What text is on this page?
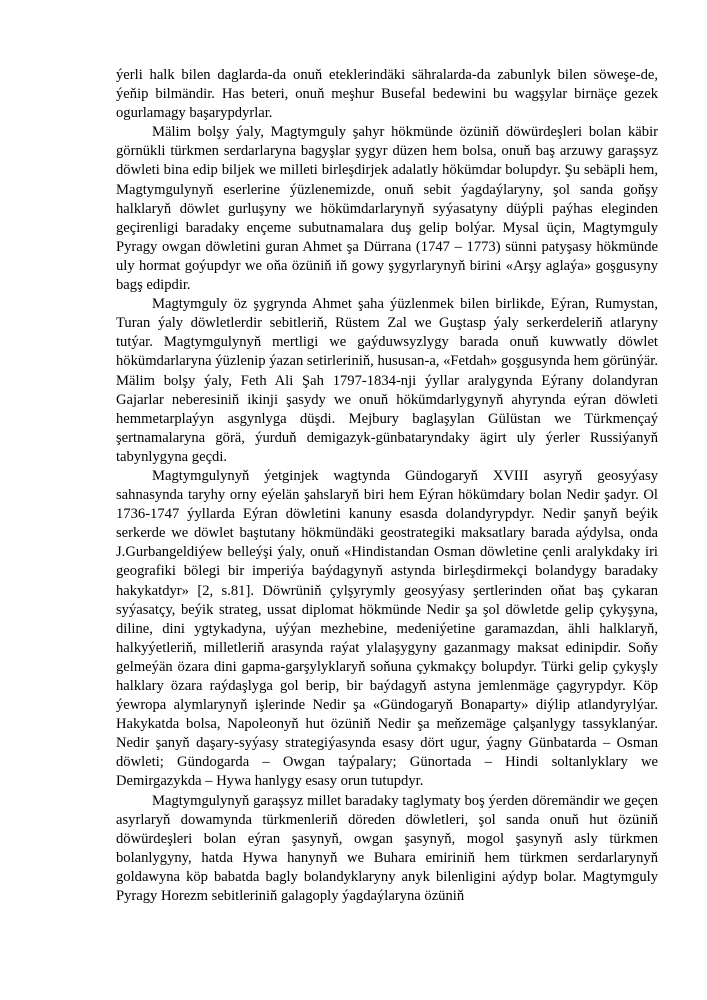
ýerli halk bilen daglarda-da onuň eteklerindäki sähralarda-da zabunlyk bilen söweşe-de, ýeňip bilmändir. Has beteri, onuň meşhur Busefal bedewini bu wagşylar birnäçe gezek ogurlamagy başarypdyrlar.

Mälim bolşy ýaly, Magtymguly şahyr hökmünde özüniň döwürdeşleri bolan käbir görnükli türkmen serdarlaryna bagyşlar şygyr düzen hem bolsa, onuň baş arzuwy garaşsyz döwleti bina edip biljek we milleti birleşdirjek adalatly hökümdar bolupdyr. Şu sebäpli hem, Magtymgulynyň eserlerine ýüzlenemizde, onuň sebit ýagdaýlaryny, şol sanda goňşy halklaryň döwlet gurluşyny we hökümdarlarynyň syýasatyny düýpli paýhas eleginden geçirenligi baradaky ençeme subutnamalara duş gelip bolýar. Mysal üçin, Magtymguly Pyragy owgan döwletini guran Ahmet şa Dürrana (1747 – 1773) sünni patyşasy hökmünde uly hormat goýupdyr we oňa özüniň iň gowy şygyrlarynyň birini «Arşy aglaýa» goşgusyny bagş edipdir.

Magtymguly öz şygrynda Ahmet şaha ýüzlenmek bilen birlikde, Eýran, Rumystan, Turan ýaly döwletlerdir sebitleriň, Rüstem Zal we Guştasp ýaly serkerdeleriň atlaryny tutýar. Magtymgulynyň mertligi we gaýduwsyzlygy barada onuň kuwwatly döwlet hökümdarlaryna ýüzlenip ýazan setirleriniň, hususan-a, «Fetdah» goşgusynda hem görünýär. Mälim bolşy ýaly, Feth Ali Şah 1797-1834-nji ýyllar aralygynda Eýrany dolandyran Gajarlar neberesiniň ikinji şasydy we onuň hökümdarlygynyň ahyrynda eýran döwleti hemmetarplaýyn asgynlyga düşdi. Mejbury baglaşylan Gülüstan we Türkmençaý şertnamalaryna görä, ýurduň demigazyk-günbataryndaky ägirt uly ýerler Russiýanyň tabynlygyna geçdi.

Magtymgulynyň ýetginjek wagtynda Gündogaryň XVIII asyryň geosyýasy sahnasynda taryhy orny eýelän şahslaryň biri hem Eýran hökümdary bolan Nedir şadyr. Ol 1736-1747 ýyllarda Eýran döwletini kanuny esasda dolandyrypdyr. Nedir şanyň beýik serkerde we döwlet baştutany hökmündäki geostrategiki maksatlary barada aýdylsa, onda J.Gurbangeldiýew belleýşi ýaly, onuň «Hindistandan Osman döwletine çenli aralykdaky iri geografiki bölegi bir imperiýa baýdagynyň astynda birleşdirmekçi bolandygy baradaky hakykatdyr» [2, s.81]. Döwrüniň çylşyrymly geosyýasy şertlerinden oňat baş çykaran syýasatçy, beýik strateg, ussat diplomat hökmünde Nedir şa şol döwletde gelip çykyşyna, diline, dini ygtykadyna, uýýan mezhebine, medeniýetine garamazdan, ähli halklaryň, halkyýetleriň, milletleriň arasynda raýat ylalaşygyny gazanmagy maksat edinipdir. Soňy gelmeýän özara dini gapma-garşylyklaryň soňuna çykmakçy bolupdyr. Türki gelip çykyşly halklary özara raýdaşlyga gol berip, bir baýdagyň astyna jemlenmäge çagyrypdyr. Köp ýewropa alymlarynyň işlerinde Nedir şa «Gündogaryň Bonaparty» diýlip atlandyrylýar. Hakykatda bolsa, Napoleonyň hut özüniň Nedir şa meňzemäge çalşanlygy tassyklanýar. Nedir şanyň daşary-syýasy strategiýasynda esasy dört ugur, ýagny Günbatarda – Osman döwleti; Gündogarda – Owgan taýpalary; Günortada – Hindi soltanlyklary we Demirgazykda – Hywa hanlygy esasy orun tutupdyr.

Magtymgulynyň garaşsyz millet baradaky taglymaty boş ýerden döremändir we geçen asyrlaryň dowamynda türkmenleriň döreden döwletleri, şol sanda onuň hut özüniň döwürdeşleri bolan eýran şasynyň, owgan şasynyň, mogol şasynyň asly türkmen bolanlygyny, hatda Hywa hanynyň we Buhara emiriniň hem türkmen serdarlarynyň goldawyna köp babatda bagly bolandyklaryny anyk bilenligini aýdyp bolar. Magtymguly Pyragy Horezm sebitleriniň galagoply ýagdaýlaryna özüniň
